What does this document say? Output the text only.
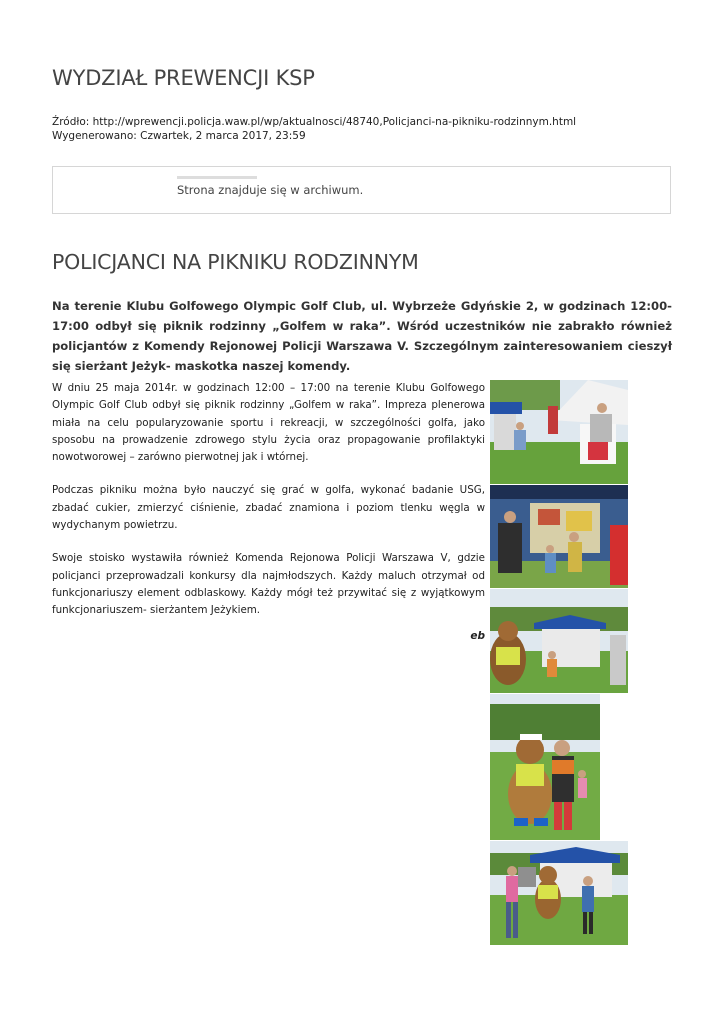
WYDZIAŁ PREWENCJI KSP
Źródło: http://wprewencji.policja.waw.pl/wp/aktualnosci/48740,Policjanci-na-pikniku-rodzinnym.html
Wygenerowano: Czwartek, 2 marca 2017, 23:59
Strona znajduje się w archiwum.
POLICJANCI NA PIKNIKU RODZINNYM

Na terenie Klubu Golfowego Olympic Golf Club, ul. Wybrzeże Gdyńskie 2, w godzinach 12:00-17:00 odbył się piknik rodzinny „Golfem w raka”. Wśród uczestników nie zabrakło również policjantów z Komendy Rejonowej Policji Warszawa V. Szczególnym zainteresowaniem cieszył się sierżant Jeżyk- maskotka naszej komendy.

W dniu 25 maja 2014r. w godzinach 12:00 – 17:00 na terenie Klubu Golfowego Olympic Golf Club odbył się piknik rodzinny „Golfem w raka”. Impreza plenerowa miała na celu popularyzowanie sportu i rekreacji, w szczególności golfa, jako sposobu na prowadzenie zdrowego stylu życia oraz propagowanie profilaktyki nowotworowej – zarówno pierwotnej jak i wtórnej.

Podczas pikniku można było nauczyć się grać w golfa, wykonać badanie USG, zbadać cukier, zmierzyć ciśnienie, zbadać znamiona i poziom tlenku węgla w wydychanym powietrzu.

Swoje stoisko wystawiła również Komenda Rejonowa Policji Warszawa V, gdzie policjanci przeprowadzali konkursy dla najmłodszych. Każdy maluch otrzymał od funkcjonariuszy element odblaskowy. Każdy mógł też przywitać się z wyjątkowym funkcjonariuszem- sierżantem Jeżykiem.

eb
